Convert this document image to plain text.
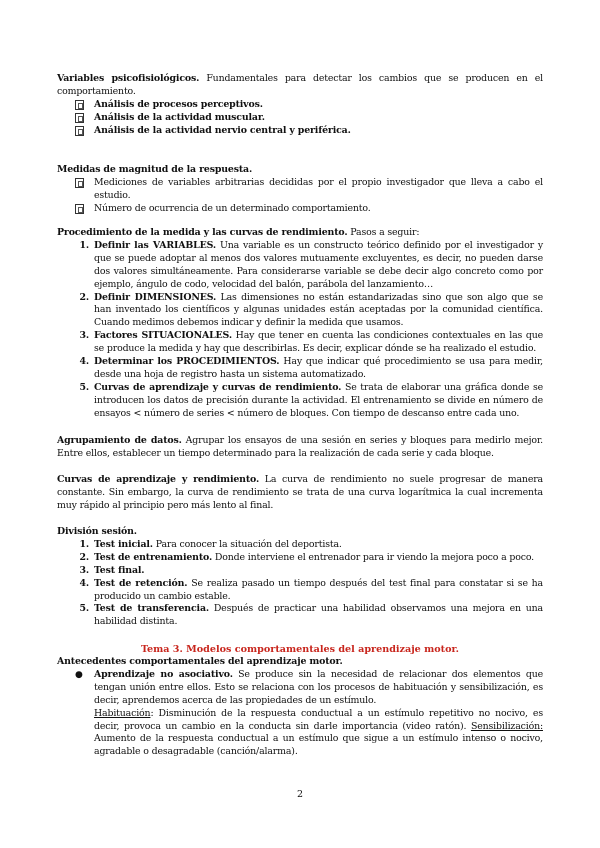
Variables psicofisiológicos. Fundamentales para detectar los cambios que se producen en el comportamiento.
Análisis de procesos perceptivos.
Análisis de la actividad muscular.
Análisis de la actividad nervio central y periférica.
Medidas de magnitud de la respuesta.
Mediciones de variables arbitrarias decididas por el propio investigador que lleva a cabo el estudio.
Número de ocurrencia de un determinado comportamiento.
Procedimiento de la medida y las curvas de rendimiento. Pasos a seguir:
1. Definir las VARIABLES. Una variable es un constructo teórico definido por el investigador y que se puede adoptar al menos dos valores mutuamente excluyentes, es decir, no pueden darse dos valores simultáneamente. Para considerarse variable se debe decir algo concreto como por ejemplo, ángulo de codo, velocidad del balón, parábola del lanzamiento…
2. Definir DIMENSIONES. Las dimensiones no están estandarizadas sino que son algo que se han inventado los científicos y algunas unidades están aceptadas por la comunidad científica. Cuando medimos debemos indicar y definir la medida que usamos.
3. Factores SITUACIONALES. Hay que tener en cuenta las condiciones contextuales en las que se produce la medida y hay que describirlas. Es decir, explicar dónde se ha realizado el estudio.
4. Determinar los PROCEDIMIENTOS. Hay que indicar qué procedimiento se usa para medir, desde una hoja de registro hasta un sistema automatizado.
5. Curvas de aprendizaje y curvas de rendimiento. Se trata de elaborar una gráfica donde se introducen los datos de precisión durante la actividad. El entrenamiento se divide en número de ensayos < número de series < número de bloques. Con tiempo de descanso entre cada uno.
Agrupamiento de datos. Agrupar los ensayos de una sesión en series y bloques para medirlo mejor. Entre ellos, establecer un tiempo determinado para la realización de cada serie y cada bloque.
Curvas de aprendizaje y rendimiento. La curva de rendimiento no suele progresar de manera constante. Sin embargo, la curva de rendimiento se trata de una curva logarítmica la cual incrementa muy rápido al principio pero más lento al final.
División sesión.
1. Test inicial. Para conocer la situación del deportista.
2. Test de entrenamiento. Donde interviene el entrenador para ir viendo la mejora poco a poco.
3. Test final.
4. Test de retención. Se realiza pasado un tiempo después del test final para constatar si se ha producido un cambio estable.
5. Test de transferencia. Después de practicar una habilidad observamos una mejora en una habilidad distinta.
Tema 3. Modelos comportamentales del aprendizaje motor.
Antecedentes comportamentales del aprendizaje motor.
● Aprendizaje no asociativo. Se produce sin la necesidad de relacionar dos elementos que tengan unión entre ellos. Esto se relaciona con los procesos de habituación y sensibilización, es decir, aprendemos acerca de las propiedades de un estímulo.
Habituación: Disminución de la respuesta conductual a un estímulo repetitivo no nocivo, es decir, provoca un cambio en la conducta sin darle importancia (video ratón). Sensibilización: Aumento de la respuesta conductual a un estímulo que sigue a un estímulo intenso o nocivo, agradable o desagradable (canción/alarma).
2
